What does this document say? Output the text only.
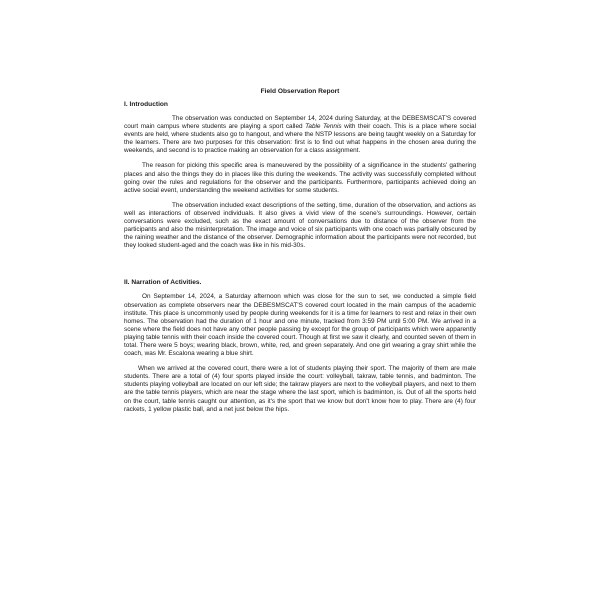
Field Observation Report
I. Introduction

The observation was conducted on September 14, 2024 during Saturday, at the DEBESMSCAT'S covered court main campus where students are playing a sport called Table Tennis with their coach. This is a place where social events are held, where students also go to hangout, and where the NSTP lessons are being taught weekly on a Saturday for the learners. There are two purposes for this observation: first is to find out what happens in the chosen area during the weekends, and second is to practice making an observation for a class assignment.

The reason for picking this specific area is maneuvered by the possibility of a significance in the students' gathering places and also the things they do in places like this during the weekends. The activity was successfully completed without going over the rules and regulations for the observer and the participants. Furthermore, participants achieved doing an active social event, understanding the weekend activities for some students.

The observation included exact descriptions of the setting, time, duration of the observation, and actions as well as interactions of observed individuals. It also gives a vivid view of the scene's surroundings. However, certain conversations were excluded, such as the exact amount of conversations due to distance of the observer from the participants and also the misinterpretation. The image and voice of six participants with one coach was partially obscured by the raining weather and the distance of the observer. Demographic information about the participants were not recorded, but they looked student-aged and the coach was like in his mid-30s.

II. Narration of Activities.

On September 14, 2024, a Saturday afternoon which was close for the sun to set, we conducted a simple field observation as complete observers near the DEBESMSCAT'S covered court located in the main campus of the academic institute. This place is uncommonly used by people during weekends for it is a time for learners to rest and relax in their own homes. The observation had the duration of 1 hour and one minute, tracked from 3:59 PM until 5:00 PM. We arrived in a scene where the field does not have any other people passing by except for the group of participants which were apparently playing table tennis with their coach inside the covered court. Though at first we saw it clearly, and counted seven of them in total. There were 5 boys; wearing black, brown, white, red, and green separately. And one girl wearing a gray shirt while the coach, was Mr. Escalona wearing a blue shirt.

When we arrived at the covered court, there were a lot of students playing their sport. The majority of them are male students. There are a total of (4) four sports played inside the court: volleyball, takraw, table tennis, and badminton. The students playing volleyball are located on our left side; the takraw players are next to the volleyball players, and next to them are the table tennis players, which are near the stage where the last sport, which is badminton, is. Out of all the sports held on the court, table tennis caught our attention, as it's the sport that we know but don't know how to play. There are (4) four rackets, 1 yellow plastic ball, and a net just below the hips.
